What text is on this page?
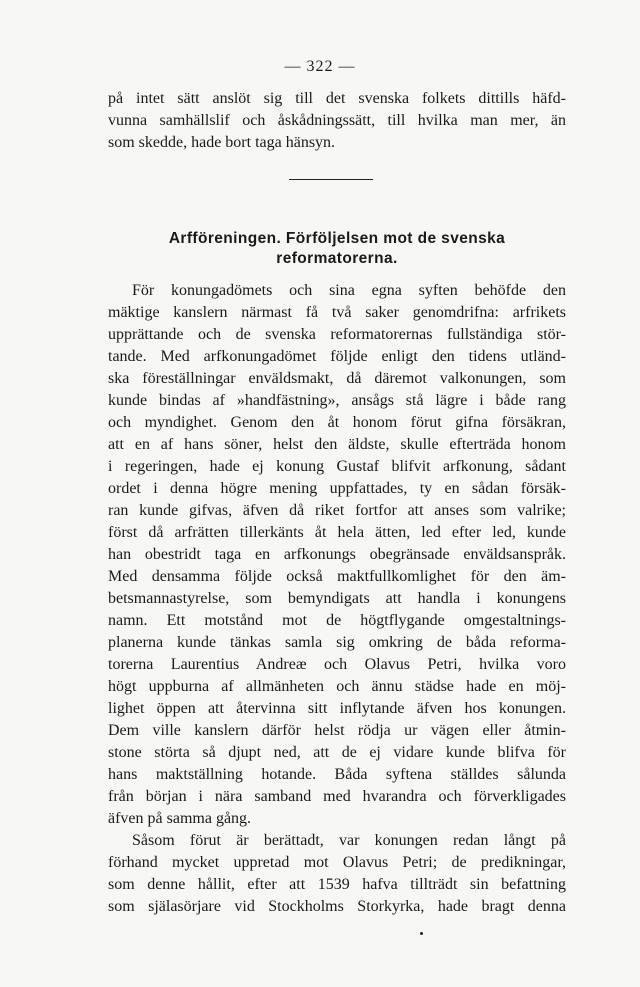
— 322 —
på intet sätt anslöt sig till det svenska folkets dittills häfd-
vunna samhällslif och åskådningssätt, till hvilka man mer, än
som skedde, hade bort taga hänsyn.
Arfföreningen. Förföljelsen mot de svenska
reformatorerna.
För konungadömets och sina egna syften behöfde den
mäktige kanslern närmast få två saker genomdrifna: arfrikets
upprättande och de svenska reformatorernas fullständiga stör-
tande. Med arfkonungadömet följde enligt den tidens utländ-
ska föreställningar enväldsmakt, då däremot valkonungen, som
kunde bindas af »handfästning», ansågs stå lägre i både rang
och myndighet. Genom den åt honom förut gifna försäkran,
att en af hans söner, helst den äldste, skulle efterträda honom
i regeringen, hade ej konung Gustaf blifvit arfkonung, sådant
ordet i denna högre mening uppfattades, ty en sådan försäk-
ran kunde gifvas, äfven då riket fortfor att anses som valrike;
först då arfrätten tillerkänts åt hela ätten, led efter led, kunde
han obestridt taga en arfkonungs obegränsade enväldsanspråk.
Med densamma följde också maktfullkomlighet för den äm-
betsmannastyrelse, som bemyndigats att handla i konungens
namn. Ett motstånd mot de högtflygande omgestaltnings-
planerna kunde tänkas samla sig omkring de båda reforma-
torerna Laurentius Andreæ och Olavus Petri, hvilka voro
högt uppburna af allmänheten och ännu städse hade en möj-
lighet öppen att återvinna sitt inflytande äfven hos konungen.
Dem ville kanslern därför helst rödja ur vägen eller åtmin-
stone störta så djupt ned, att de ej vidare kunde blifva för
hans maktställning hotande. Båda syftena ställdes sålunda
från början i nära samband med hvarandra och förverkligades
äfven på samma gång.
Såsom förut är berättadt, var konungen redan långt på
förhand mycket uppretad mot Olavus Petri; de predikningar,
som denne hållit, efter att 1539 hafva tillträdt sin befattning
som själasörjare vid Stockholms Storkyrka, hade bragt denna
